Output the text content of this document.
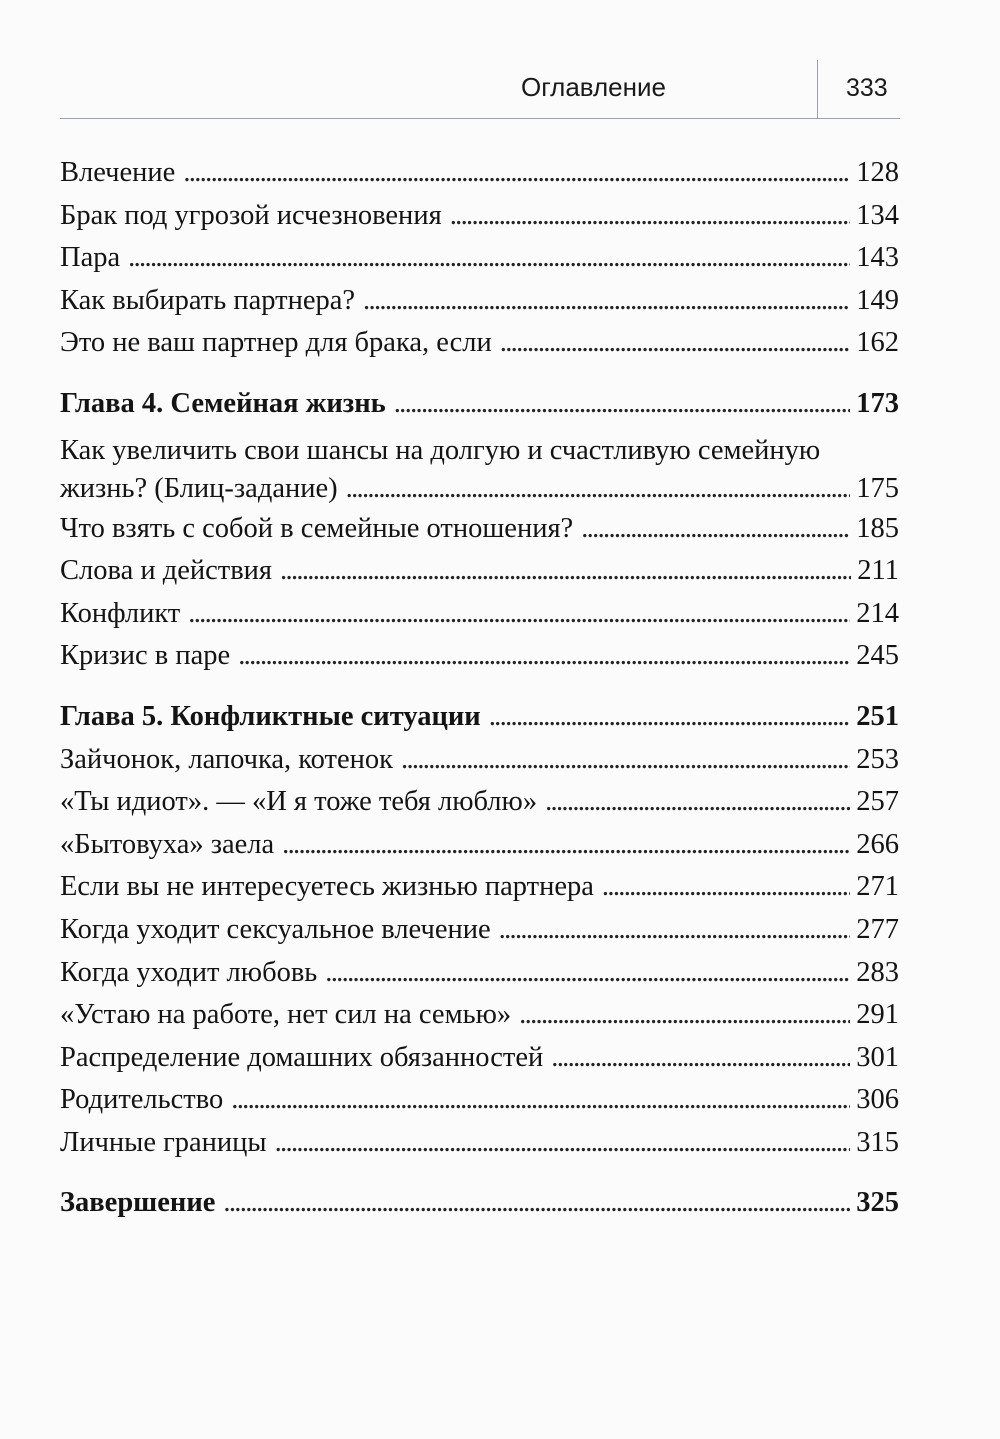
Оглавление	333
Влечение . . .	128
Брак под угрозой исчезновения . . .	134
Пара . . .	143
Как выбирать партнера? . . .	149
Это не ваш партнер для брака, если . . .	162
Глава 4. Семейная жизнь . . .	173
Как увеличить свои шансы на долгую и счастливую семейную
жизнь? (Блиц-задание) . . .	175
Что взять с собой в семейные отношения? . . .	185
Слова и действия . . .	211
Конфликт . . .	214
Кризис в паре . . .	245
Глава 5. Конфликтные ситуации . . .	251
Зайчонок, лапочка, котенок . . .	253
«Ты идиот». — «И я тоже тебя люблю» . . .	257
«Бытовуха» заела . . .	266
Если вы не интересуетесь жизнью партнера . . .	271
Когда уходит сексуальное влечение . . .	277
Когда уходит любовь . . .	283
«Устаю на работе, нет сил на семью» . . .	291
Распределение домашних обязанностей . . .	301
Родительство . . .	306
Личные границы . . .	315
Завершение . . .	325
